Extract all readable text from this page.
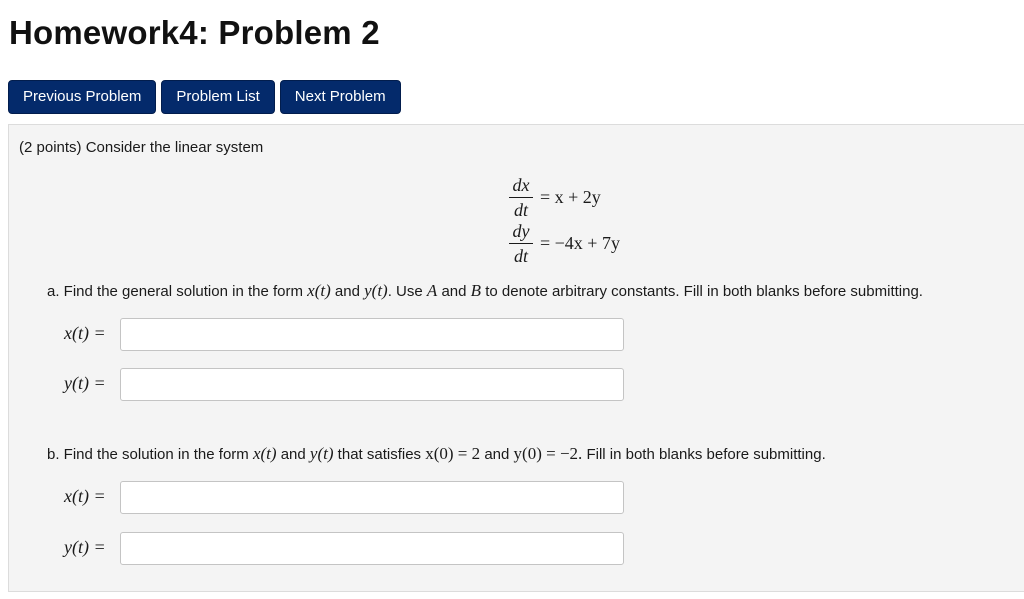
Homework4: Problem 2
Previous Problem	Problem List	Next Problem
(2 points) Consider the linear system
dx
dt
= x + 2y
dy
dt
= −4x + 7y
a. Find the general solution in the form x(t) and y(t). Use A and B to denote arbitrary constants. Fill in both blanks before submitting.
x(t) =
y(t) =
b. Find the solution in the form x(t) and y(t) that satisfies x(0) = 2 and y(0) = −2. Fill in both blanks before submitting.
x(t) =
y(t) =
